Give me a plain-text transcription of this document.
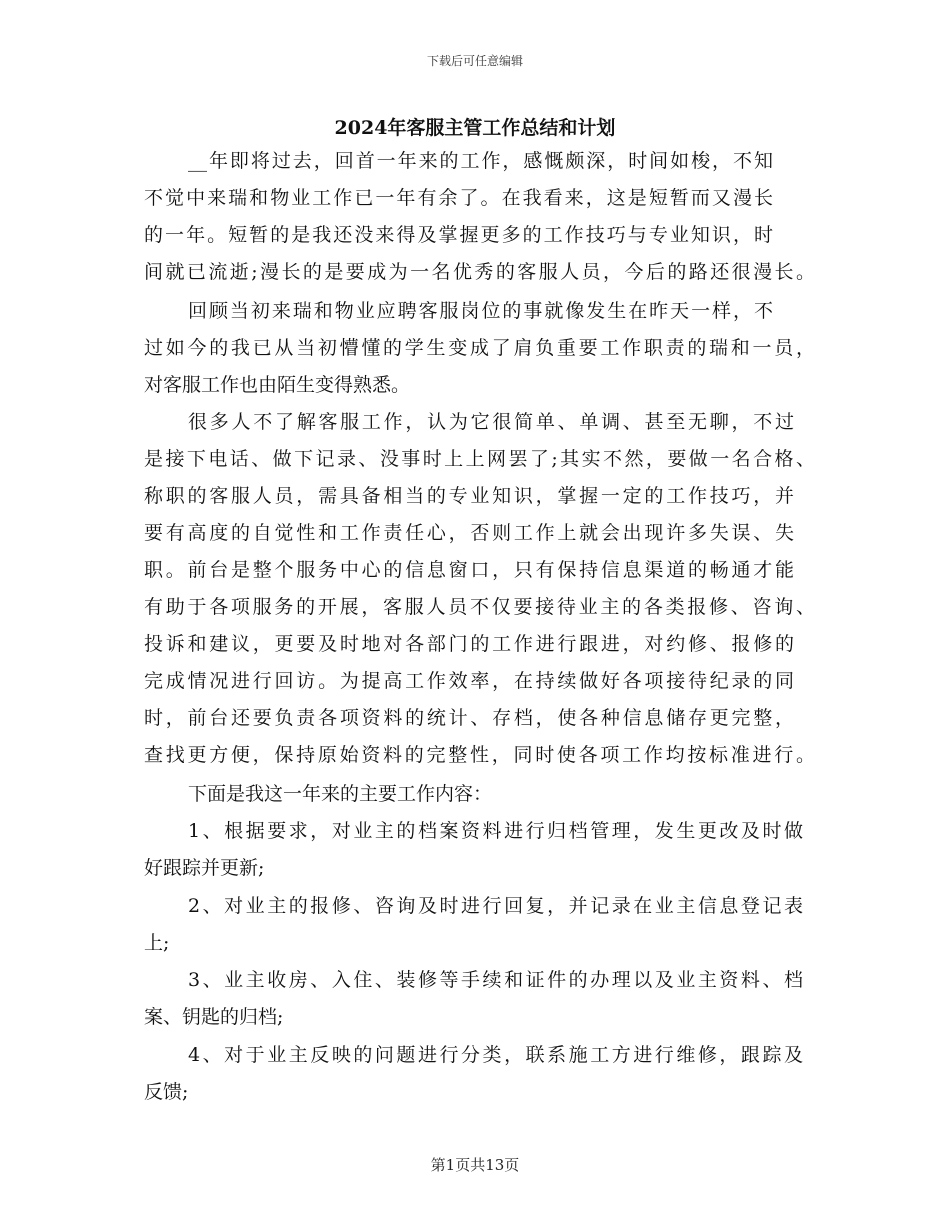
下载后可任意编辑
2024年客服主管工作总结和计划
__年即将过去，回首一年来的工作，感慨颇深，时间如梭，不知
不觉中来瑞和物业工作已一年有余了。在我看来，这是短暂而又漫长
的一年。短暂的是我还没来得及掌握更多的工作技巧与专业知识，时
间就已流逝;漫长的是要成为一名优秀的客服人员，今后的路还很漫长。
回顾当初来瑞和物业应聘客服岗位的事就像发生在昨天一样，不
过如今的我已从当初懵懂的学生变成了肩负重要工作职责的瑞和一员，
对客服工作也由陌生变得熟悉。
很多人不了解客服工作，认为它很简单、单调、甚至无聊，不过
是接下电话、做下记录、没事时上上网罢了;其实不然，要做一名合格、
称职的客服人员，需具备相当的专业知识，掌握一定的工作技巧，并
要有高度的自觉性和工作责任心，否则工作上就会出现许多失误、失
职。前台是整个服务中心的信息窗口，只有保持信息渠道的畅通才能
有助于各项服务的开展，客服人员不仅要接待业主的各类报修、咨询、
投诉和建议，更要及时地对各部门的工作进行跟进，对约修、报修的
完成情况进行回访。为提高工作效率，在持续做好各项接待纪录的同
时，前台还要负责各项资料的统计、存档，使各种信息储存更完整，
查找更方便，保持原始资料的完整性，同时使各项工作均按标准进行。
下面是我这一年来的主要工作内容：
1、根据要求，对业主的档案资料进行归档管理，发生更改及时做
好跟踪并更新;
2、对业主的报修、咨询及时进行回复，并记录在业主信息登记表
上;
3、业主收房、入住、装修等手续和证件的办理以及业主资料、档
案、钥匙的归档;
4、对于业主反映的问题进行分类，联系施工方进行维修，跟踪及
反馈;
第1页共13页
